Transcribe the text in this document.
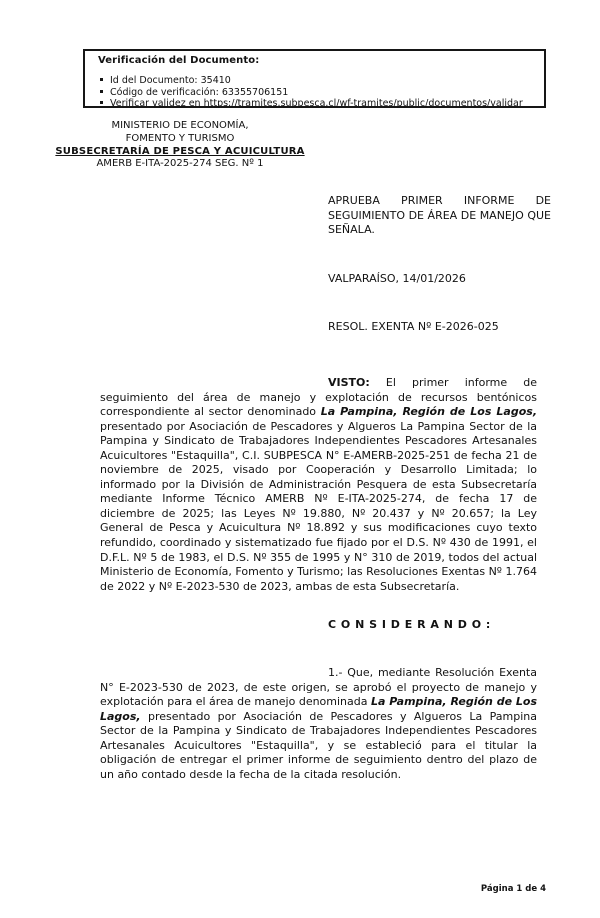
Verificación del Documento:
Id del Documento: 35410
Código de verificación: 63355706151
Verificar validez en https://tramites.subpesca.cl/wf-tramites/public/documentos/validar
MINISTERIO DE ECONOMÍA,
FOMENTO Y TURISMO
SUBSECRETARÍA DE PESCA Y ACUICULTURA
AMERB E-ITA-2025-274 SEG. Nº 1
APRUEBA PRIMER INFORME DE SEGUIMIENTO DE ÁREA DE MANEJO QUE SEÑALA.
VALPARAÍSO, 14/01/2026
RESOL. EXENTA Nº E-2026-025
VISTO: El primer informe de seguimiento del área de manejo y explotación de recursos bentónicos correspondiente al sector denominado La Pampina, Región de Los Lagos, presentado por Asociación de Pescadores y Algueros La Pampina Sector de la Pampina y Sindicato de Trabajadores Independientes Pescadores Artesanales Acuicultores "Estaquilla", C.I. SUBPESCA N° E-AMERB-2025-251 de fecha 21 de noviembre de 2025, visado por Cooperación y Desarrollo Limitada; lo informado por la División de Administración Pesquera de esta Subsecretaría mediante Informe Técnico AMERB Nº E-ITA-2025-274, de fecha 17 de diciembre de 2025; las Leyes Nº 19.880, Nº 20.437 y Nº 20.657; la Ley General de Pesca y Acuicultura Nº 18.892 y sus modificaciones cuyo texto refundido, coordinado y sistematizado fue fijado por el D.S. Nº 430 de 1991, el D.F.L. Nº 5 de 1983, el D.S. Nº 355 de 1995 y N° 310 de 2019, todos del actual Ministerio de Economía, Fomento y Turismo; las Resoluciones Exentas Nº 1.764 de 2022 y Nº E-2023-530 de 2023, ambas de esta Subsecretaría.
C O N S I D E R A N D O :
1.- Que, mediante Resolución Exenta N° E-2023-530 de 2023, de este origen, se aprobó el proyecto de manejo y explotación para el área de manejo denominada La Pampina, Región de Los Lagos, presentado por Asociación de Pescadores y Algueros La Pampina Sector de la Pampina y Sindicato de Trabajadores Independientes Pescadores Artesanales Acuicultores "Estaquilla", y se estableció para el titular la obligación de entregar el primer informe de seguimiento dentro del plazo de un año contado desde la fecha de la citada resolución.
Página 1 de 4
